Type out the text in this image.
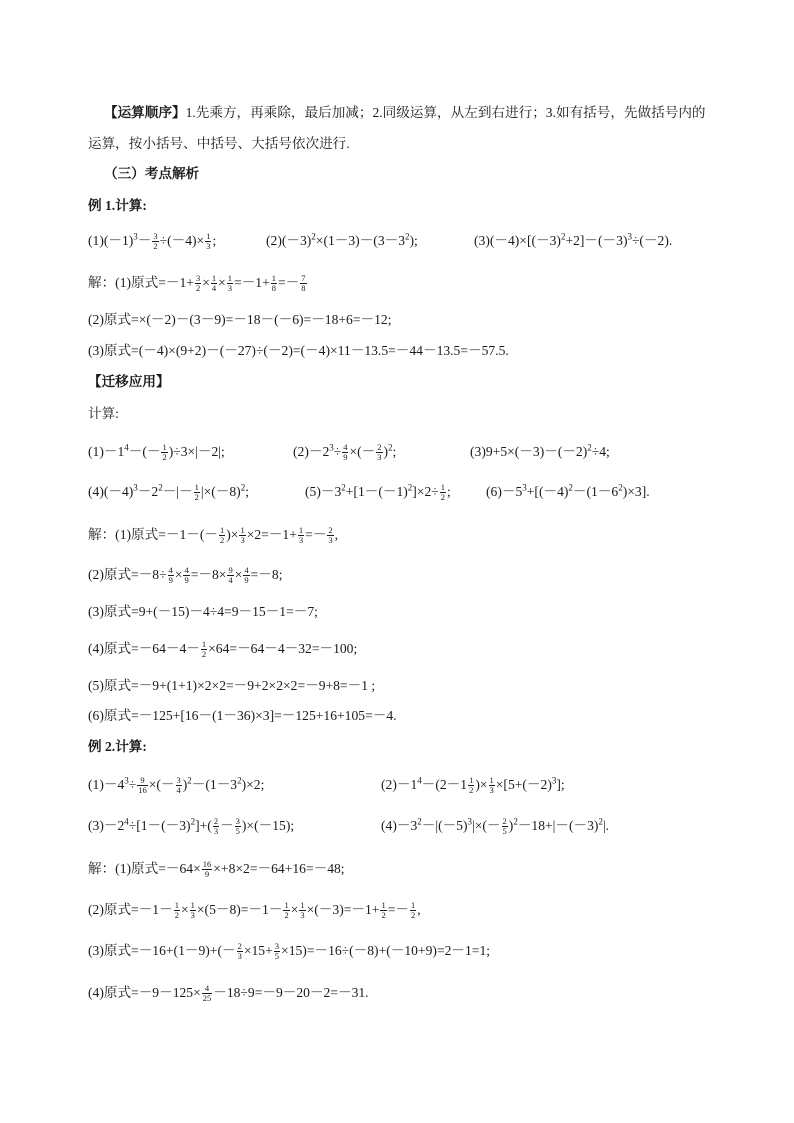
【运算顺序】1.先乘方，再乘除，最后加减；2.同级运算，从左到右进行；3.如有括号，先做括号内的
运算，按小括号、中括号、大括号依次进行.
（三）考点解析
例 1.计算:
$(1)(-1)^3- \frac{3}{2} \div(-4)\times \frac{1}{3}$ ;	$(2)(-3)^2\times(1-3)-(3-3^2)$;	$(3)(-4)\times[(-3)^2+2]-(-3)^3\div(-2)$.
解：(1)原式$=-1+ \frac{3}{2} \times \frac{1}{4} \times \frac{1}{3} =-1+ \frac{1}{8} =- \frac{7}{8}$
(2)原式=×(－2)－(3－9)=－18－(－6)=－18+6=－12;
(3)原式=(－4)×(9+2)－(－27)÷(－2)=(－4)×11－13.5=－44－13.5=－57.5.
【迁移应用】
计算:
$(1)-1^4-(- \frac{1}{2} )\div 3\times|-2|$;	$(2)-2^3\div \frac{4}{9}$ ×(－ $\frac{2}{3} )^2$;	$(3)9+5\times(-3)-(-2)^2\div 4$;
$(4)(-4)^3-2^2-|- \frac{1}{2} |\times(-8)^2$;	$(5)-3^2+[1-(-1)^2]\times 2\div \frac{1}{2}$ ;	$(6)-5^3+[(-4)^2-(1-6^2)\times 3]$.
解：(1)原式$=-1-(- \frac{1}{2}$ )× $\frac{1}{3} \times 2=-1+ \frac{1}{3} =- \frac{2}{3}$ ,
(2)原式$=-8\div \frac{4}{9} \times \frac{4}{9} =-8\times \frac{9}{4} \times \frac{4}{9} =-8$;
(3)原式=9+(－15)－4÷4=9－15－1=－7;
(4)原式$=-64-4- \frac{1}{2} \times 64=-64-4-32=-100$;
(5)原式=－9+(1+1)×2×2=－9+2×2×2=－9+8=－1 ;
(6)原式=－125+[16－(1－36)×3]=－125+16+105=－4.
例 2.计算:
$(1)-4^3\div \frac{9}{16}$ ×(－ $\frac{3}{4} )^2-(1-3^2)\times 2$;	$(2)-1^4-(2-1 \frac{1}{2}$ )× $\frac{1}{3} \times[5+(-2)^3]$;
$(3)-2^4\div[1-(-3)^2]+( \frac{2}{3} - \frac{3}{5} )\times(-15)$;	$(4)-3^2-|(-5)^3|\times(- \frac{2}{5} )^2-18+|-(-3)^2|$.
解：(1)原式$=-64\times \frac{16}{9} \times+8\times 2=-64+16=-48$;
(2)原式$=-1- \frac{1}{2} \times \frac{1}{3} \times(5-8)=-1- \frac{1}{2} \times \frac{1}{3} \times(-3)=-1+ \frac{1}{2} =- \frac{1}{2}$ ,
(3)原式$=-16+(1-9)+(- \frac{2}{3} \times 15+ \frac{3}{5} \times 15)=-16\div(-8)+(-10+9)=2-1=1$;
(4)原式$=-9-125\times \frac{4}{25} -18\div 9=-9-20-2=-31$.
